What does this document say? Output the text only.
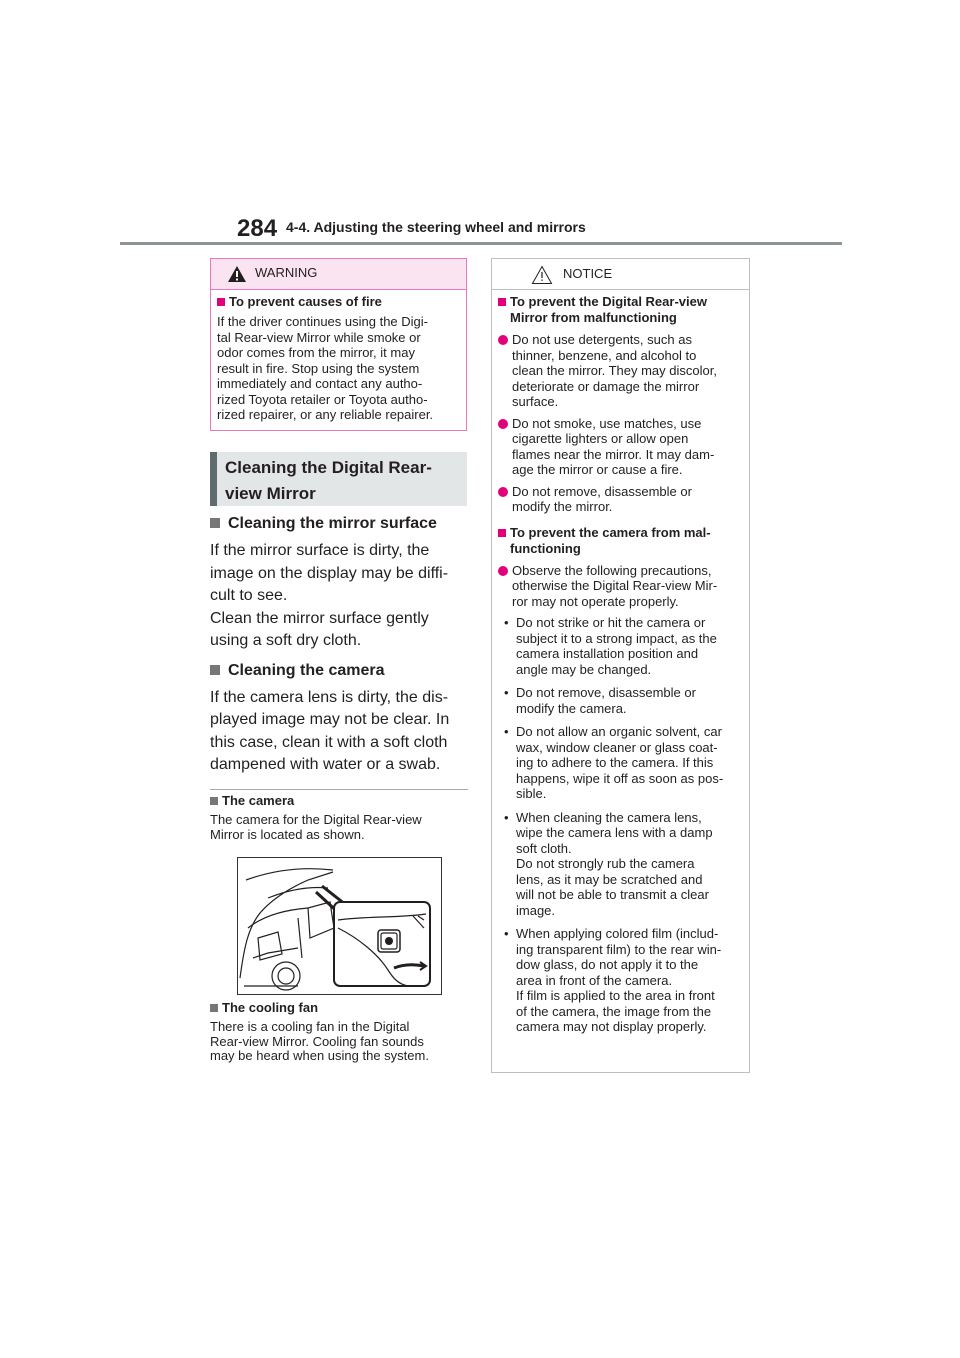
284 4-4. Adjusting the steering wheel and mirrors
WARNING
To prevent causes of fire

If the driver continues using the Digi-
tal Rear-view Mirror while smoke or
odor comes from the mirror, it may
result in fire. Stop using the system
immediately and contact any autho-
rized Toyota retailer or Toyota autho-
rized repairer, or any reliable repairer.

Cleaning the Digital Rear-
view Mirror
Cleaning the mirror surface

If the mirror surface is dirty, the
image on the display may be diffi-
cult to see.
Clean the mirror surface gently
using a soft dry cloth.

Cleaning the camera

If the camera lens is dirty, the dis-
played image may not be clear. In
this case, clean it with a soft cloth
dampened with water or a swab.

The camera

The camera for the Digital Rear-view
Mirror is located as shown.

The cooling fan

There is a cooling fan in the Digital
Rear-view Mirror. Cooling fan sounds
may be heard when using the system.

NOTICE
To prevent the Digital Rear-view
Mirror from malfunctioning

Do not use detergents, such as
thinner, benzene, and alcohol to
clean the mirror. They may discolor,
deteriorate or damage the mirror
surface.

Do not smoke, use matches, use
cigarette lighters or allow open
flames near the mirror. It may dam-
age the mirror or cause a fire.

Do not remove, disassemble or
modify the mirror.

To prevent the camera from mal-
functioning

Observe the following precautions,
otherwise the Digital Rear-view Mir-
ror may not operate properly.

• Do not strike or hit the camera or
subject it to a strong impact, as the
camera installation position and
angle may be changed.

• Do not remove, disassemble or
modify the camera.

• Do not allow an organic solvent, car
wax, window cleaner or glass coat-
ing to adhere to the camera. If this
happens, wipe it off as soon as pos-
sible.

• When cleaning the camera lens,
wipe the camera lens with a damp
soft cloth.
Do not strongly rub the camera
lens, as it may be scratched and
will not be able to transmit a clear
image.

• When applying colored film (includ-
ing transparent film) to the rear win-
dow glass, do not apply it to the
area in front of the camera.
If film is applied to the area in front
of the camera, the image from the
camera may not display properly.
